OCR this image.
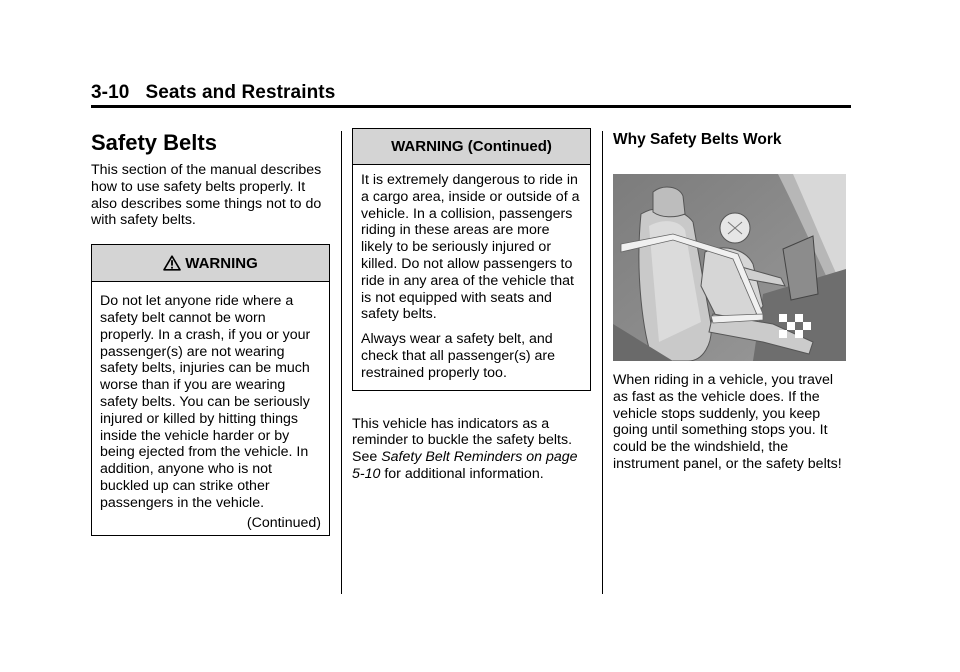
3-10 Seats and Restraints
Safety Belts

This section of the manual describes how to use safety belts properly. It also describes some things not to do with safety belts.

WARNING

Do not let anyone ride where a safety belt cannot be worn properly. In a crash, if you or your passenger(s) are not wearing safety belts, injuries can be much worse than if you are wearing safety belts. You can be seriously injured or killed by hitting things inside the vehicle harder or by being ejected from the vehicle. In addition, anyone who is not buckled up can strike other passengers in the vehicle.

(Continued)
WARNING (Continued)

It is extremely dangerous to ride in a cargo area, inside or outside of a vehicle. In a collision, passengers riding in these areas are more likely to be seriously injured or killed. Do not allow passengers to ride in any area of the vehicle that is not equipped with seats and safety belts.

Always wear a safety belt, and check that all passenger(s) are restrained properly too.

This vehicle has indicators as a reminder to buckle the safety belts. See Safety Belt Reminders on page 5-10 for additional information.

Why Safety Belts Work

When riding in a vehicle, you travel as fast as the vehicle does. If the vehicle stops suddenly, you keep going until something stops you. It could be the windshield, the instrument panel, or the safety belts!
